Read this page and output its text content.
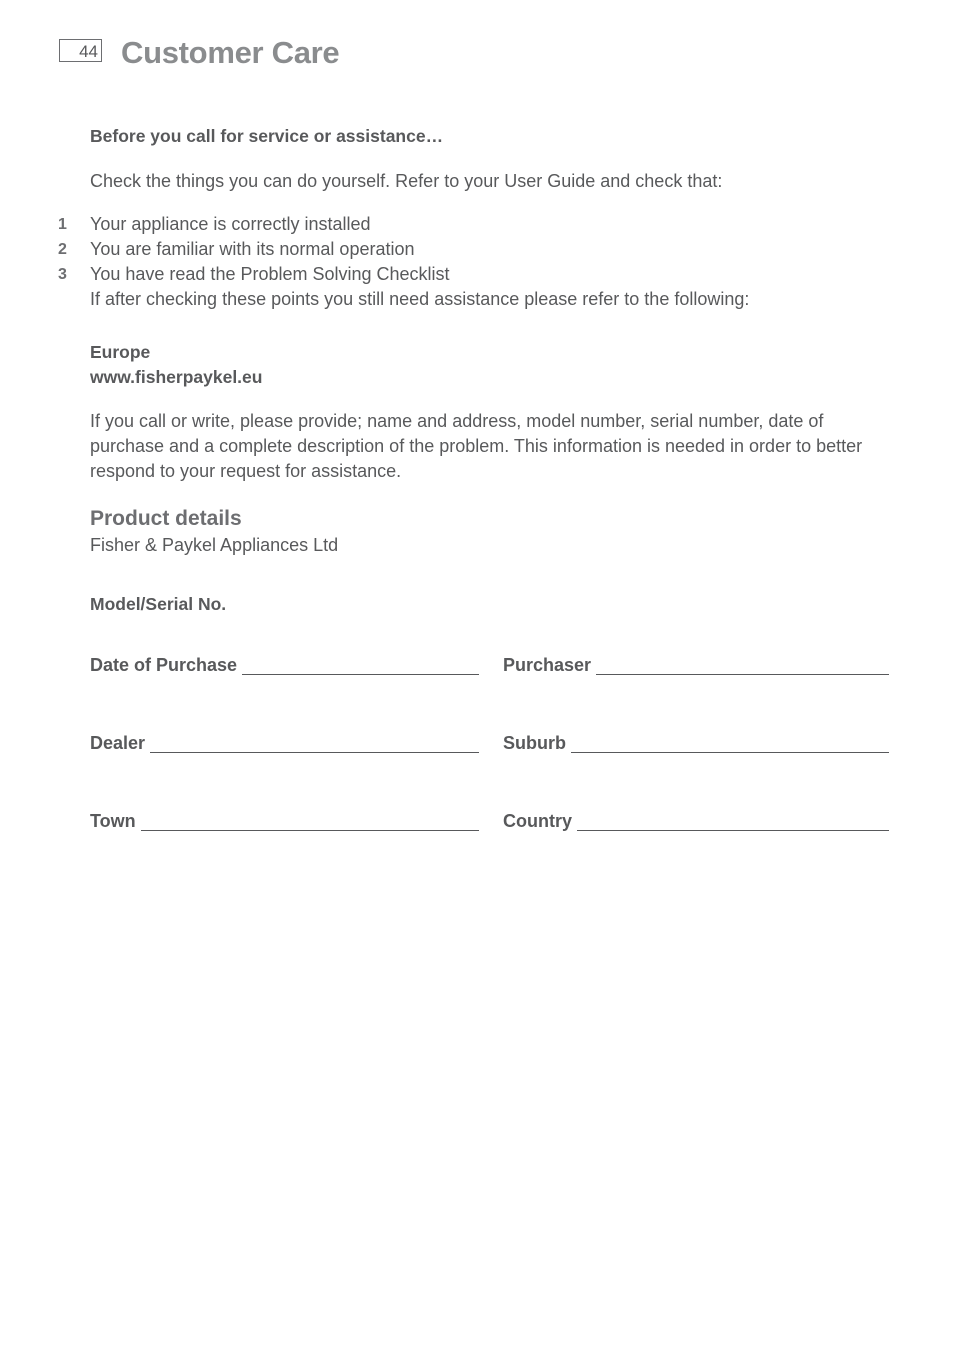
44 Customer Care
Before you call for service or assistance…
Check the things you can do yourself. Refer to your User Guide and check that:
1 Your appliance is correctly installed
2 You are familiar with its normal operation
3 You have read the Problem Solving Checklist
If after checking these points you still need assistance please refer to the following:
Europe
www.fisherpaykel.eu
If you call or write, please provide; name and address, model number, serial number, date of purchase and a complete description of the problem. This information is needed in order to better respond to your request for assistance.
Product details
Fisher & Paykel Appliances Ltd
Model/Serial No.
Date of Purchase	Purchaser
Dealer	Suburb
Town	Country
